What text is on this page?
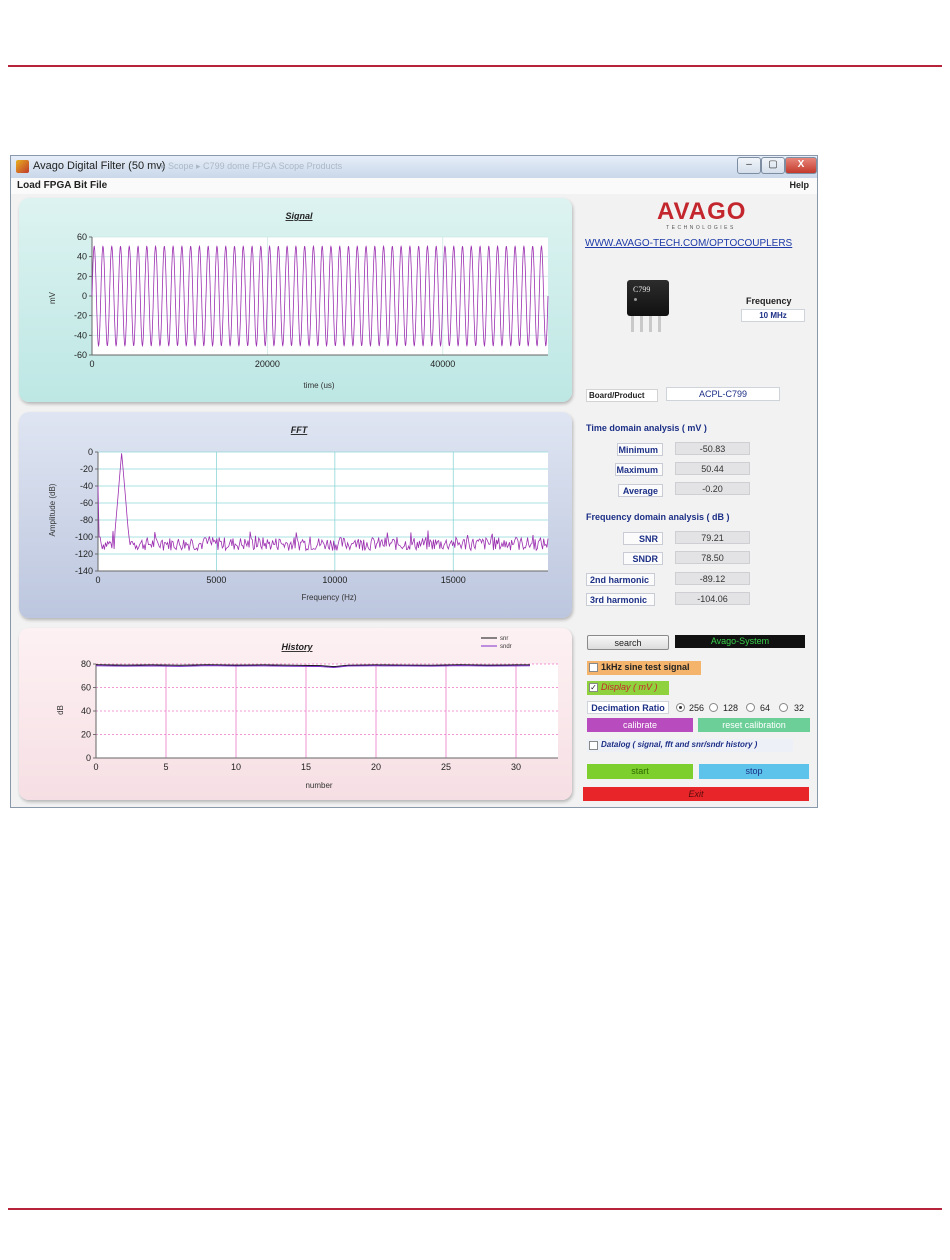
Avago Digital Filter (50 mv)
... ▸ Scope ▸ C799 dome FPGA Scope Products	–	▢	X
Load FPGA Bit File	Help
Signal
0	20000	40000
-60
-40
-20
0
20
40
60
time (us)
mV
FFT
0	5000	10000	15000
-140
-120
-100
-80
-60
-40
-20
0
Frequency (Hz)
Amplitude (dB)
History
0	5	10	15	20	25	30
0
20
40
60
80
snr
sndr
number
dB
AVAGO
TECHNOLOGIES
WWW.AVAGO-TECH.COM/OPTOCOUPLERS
C799
Frequency
10 MHz
Board/Product	ACPL-C799
Time domain analysis ( mV )
Minimum	-50.83
Maximum	50.44
Average	-0.20
Frequency domain analysis ( dB )
SNR	79.21
SNDR	78.50
2nd harmonic	-89.12
3rd harmonic	-104.06
search	Avago-System
1kHz sine test signal
✓ Display ( mV )
Decimation Ratio	256 128 64	32
calibrate	reset calibration
Datalog ( signal, fft and snr/sndr history )
start	stop
Exit
